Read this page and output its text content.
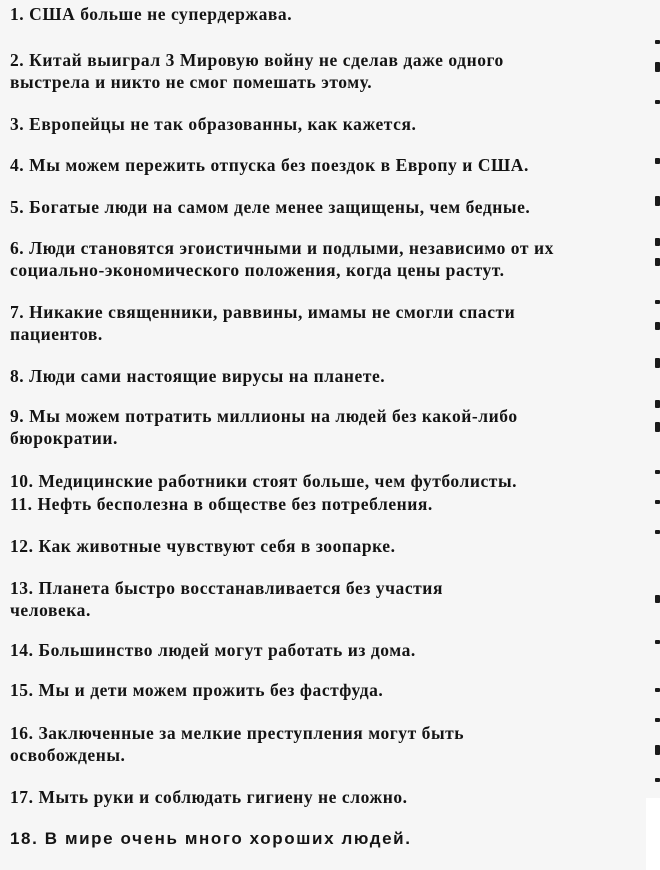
1. США больше не супердержава.
2. Китай выиграл 3 Мировую войну не сделав даже одного
выстрела и никто не смог помешать этому.
3. Европейцы не так образованны, как кажется.
4. Мы можем пережить отпуска без поездок в Европу и США.
5. Богатые люди на самом деле менее защищены, чем бедные.
6. Люди становятся эгоистичными и подлыми, независимо от их
социально-экономического положения, когда цены растут.
7. Никакие священники, раввины, имамы не смогли спасти
пациентов.
8. Люди сами настоящие вирусы на планете.
9. Мы можем потратить миллионы на людей без какой-либо
бюрократии.
10. Медицинские работники стоят больше, чем футболисты.
11. Нефть бесполезна в обществе без потребления.
12. Как животные чувствуют себя в зоопарке.
13. Планета быстро восстанавливается без участия
человека.
14. Большинство людей могут работать из дома.
15. Мы и дети можем прожить без фастфуда.
16. Заключенные за мелкие преступления могут быть
освобождены.
17. Мыть руки и соблюдать гигиену не сложно.
18. В мире очень много хороших людей.
